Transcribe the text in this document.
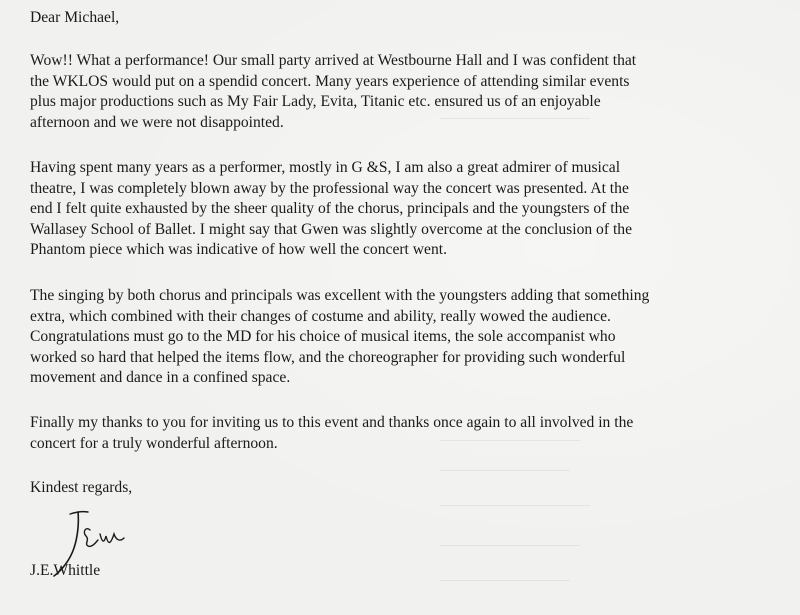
Dear Michael,

Wow!! What a performance! Our small party arrived at Westbourne Hall and I was confident that
the WKLOS would put on a spendid concert. Many years experience of attending similar events
plus major productions such as My Fair Lady, Evita, Titanic etc. ensured us of an enjoyable
afternoon and we were not disappointed.

Having spent many years as a performer, mostly in G &S, I am also a great admirer of musical
theatre, I was completely blown away by the professional way the concert was presented. At the
end I felt quite exhausted by the sheer quality of the chorus, principals and the youngsters of the
Wallasey School of Ballet. I might say that Gwen was slightly overcome at the conclusion of the
Phantom piece which was indicative of how well the concert went.

The singing by both chorus and principals was excellent with the youngsters adding that something
extra, which combined with their changes of costume and ability, really wowed the audience.
Congratulations must go to the MD for his choice of musical items, the sole accompanist who
worked so hard that helped the items flow, and the choreographer for providing such wonderful
movement and dance in a confined space.

Finally my thanks to you for inviting us to this event and thanks once again to all involved in the
concert for a truly wonderful afternoon.

Kindest regards,

J.E.Whittle
